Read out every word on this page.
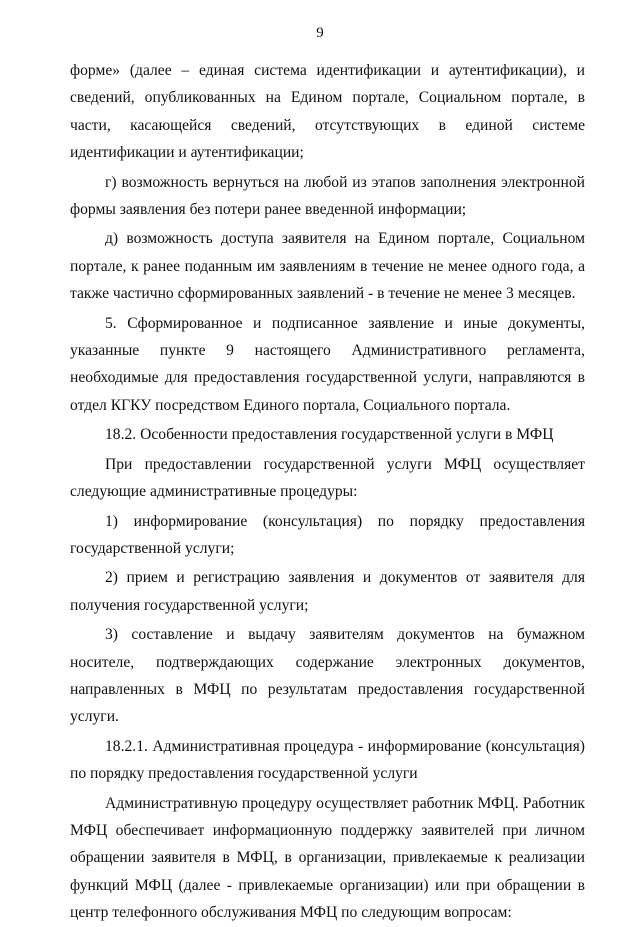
9

форме» (далее – единая система идентификации и аутентификации), и сведений, опубликованных на Едином портале, Социальном портале, в части, касающейся сведений, отсутствующих в единой системе идентификации и аутентификации;

г) возможность вернуться на любой из этапов заполнения электронной формы заявления без потери ранее введенной информации;

д) возможность доступа заявителя на Едином портале, Социальном портале, к ранее поданным им заявлениям в течение не менее одного года, а также частично сформированных заявлений - в течение не менее 3 месяцев.

5. Сформированное и подписанное заявление и иные документы, указанные пункте 9 настоящего Административного регламента, необходимые для предоставления государственной услуги, направляются в отдел КГКУ посредством Единого портала, Социального портала.

18.2. Особенности предоставления государственной услуги в МФЦ

При предоставлении государственной услуги МФЦ осуществляет следующие административные процедуры:

1) информирование (консультация) по порядку предоставления государственной услуги;

2) прием и регистрацию заявления и документов от заявителя для получения государственной услуги;

3) составление и выдачу заявителям документов на бумажном носителе, подтверждающих содержание электронных документов, направленных в МФЦ по результатам предоставления государственной услуги.

18.2.1. Административная процедура - информирование (консультация) по порядку предоставления государственной услуги

Административную процедуру осуществляет работник МФЦ. Работник МФЦ обеспечивает информационную поддержку заявителей при личном обращении заявителя в МФЦ, в организации, привлекаемые к реализации функций МФЦ (далее - привлекаемые организации) или при обращении в центр телефонного обслуживания МФЦ по следующим вопросам:
